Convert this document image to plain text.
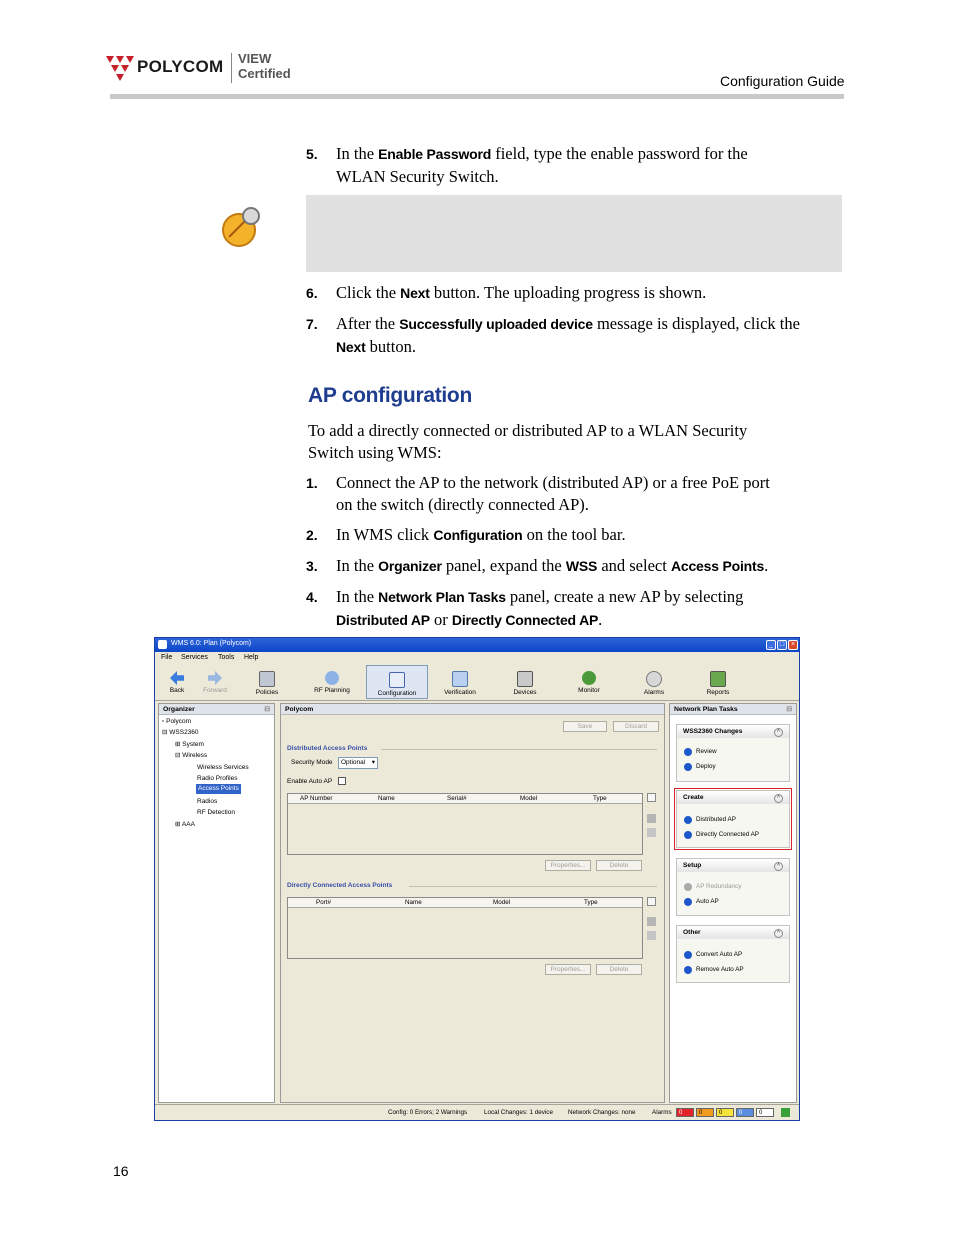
POLYCOM VIEW
Certified	Configuration Guide
5. In the Enable Password field, type the enable password for the
WLAN Security Switch.
6. Click the Next button. The uploading progress is shown.
7. After the Successfully uploaded device message is displayed, click the
Next button.
AP configuration
To add a directly connected or distributed AP to a WLAN Security
Switch using WMS:
1. Connect the AP to the network (distributed AP) or a free PoE port
on the switch (directly connected AP).
2. In WMS click Configuration on the tool bar.
3. In the Organizer panel, expand the WSS and select Access Points.
4. In the Network Plan Tasks panel, create a new AP by selecting
Distributed AP or Directly Connected AP.
WMS 6.0: Plan (Polycom)	_ □ ×
File Services Tools Help
Back	Forward	Policies	RF Planning	Configuration	Verification	Devices	Monitor	Alarms	Reports
Organizer	⊟
▫ Polycom
⊟ WSS2360
⊞ System
⊟ Wireless
Wireless Services
Radio Profiles
Access Points
Radios
RF Detection
⊞ AAA
Polycom
Save	Discard
Distributed Access Points
Security Mode	Optional ▾
Enable Auto AP
AP Number	Name	Serial#	Model	Type
Properties...	Delete
Directly Connected Access Points
Port#	Name	Model	Type
Properties...	Delete
Network Plan Tasks	⊟
WSS2360 Changes	^
Review
Deploy
Create	^
Distributed AP
Directly Connected AP
Setup	^
AP Redundancy
Auto AP
Other	^
Convert Auto AP
Remove Auto AP
Config: 0 Errors; 2 Warnings	Local Changes: 1 device Network Changes: none	Alarms	0	0	0	0	0
16
